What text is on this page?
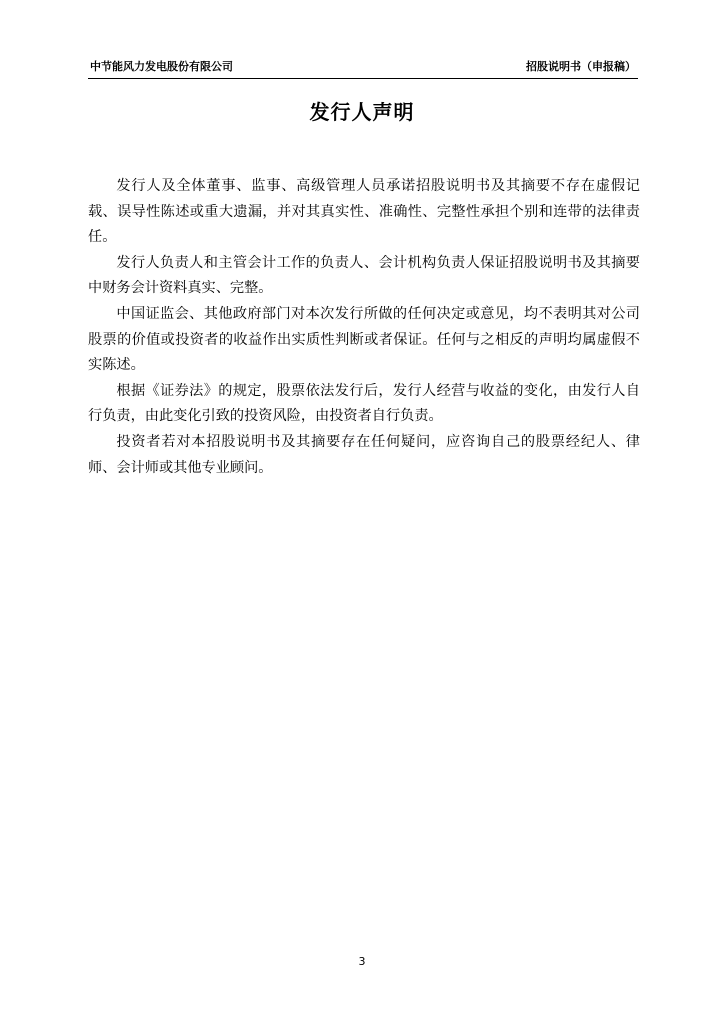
中节能风力发电股份有限公司	招股说明书（申报稿）
发行人声明

发行人及全体董事、监事、高级管理人员承诺招股说明书及其摘要不存在虚假记载、误导性陈述或重大遗漏，并对其真实性、准确性、完整性承担个别和连带的法律责任。

发行人负责人和主管会计工作的负责人、会计机构负责人保证招股说明书及其摘要中财务会计资料真实、完整。

中国证监会、其他政府部门对本次发行所做的任何决定或意见，均不表明其对公司股票的价值或投资者的收益作出实质性判断或者保证。任何与之相反的声明均属虚假不实陈述。

根据《证券法》的规定，股票依法发行后，发行人经营与收益的变化，由发行人自行负责，由此变化引致的投资风险，由投资者自行负责。

投资者若对本招股说明书及其摘要存在任何疑问，应咨询自己的股票经纪人、律师、会计师或其他专业顾问。

3
